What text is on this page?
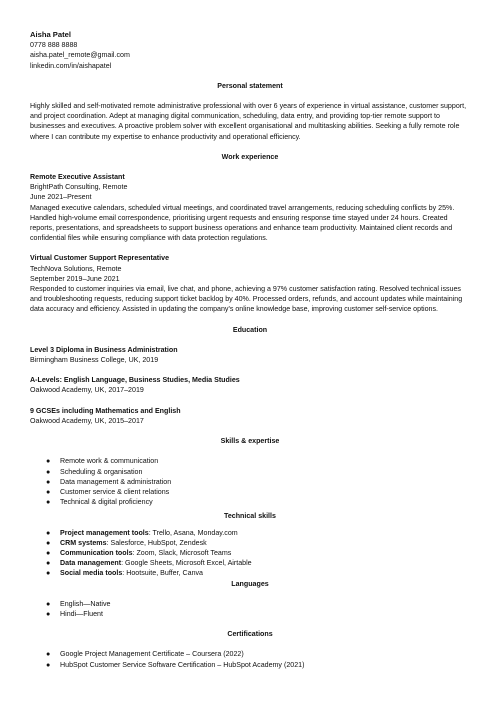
Aisha Patel

0778 888 8888

aisha.patel_remote@gmail.com

linkedin.com/in/aishapatel

Personal statement

Highly skilled and self-motivated remote administrative professional with over 6 years of experience in virtual assistance, customer support, and project coordination. Adept at managing digital communication, scheduling, data entry, and providing top-tier remote support to businesses and executives. A proactive problem solver with excellent organisational and multitasking abilities. Seeking a fully remote role where I can contribute my expertise to enhance productivity and operational efficiency.

Work experience

Remote Executive Assistant

BrightPath Consulting, Remote

June 2021–Present

Managed executive calendars, scheduled virtual meetings, and coordinated travel arrangements, reducing scheduling conflicts by 25%. Handled high-volume email correspondence, prioritising urgent requests and ensuring response time stayed under 24 hours. Created reports, presentations, and spreadsheets to support business operations and enhance team productivity. Maintained client records and confidential files while ensuring compliance with data protection regulations.

Virtual Customer Support Representative

TechNova Solutions, Remote

September 2019–June 2021

Responded to customer inquiries via email, live chat, and phone, achieving a 97% customer satisfaction rating. Resolved technical issues and troubleshooting requests, reducing support ticket backlog by 40%. Processed orders, refunds, and account updates while maintaining data accuracy and efficiency. Assisted in updating the company's online knowledge base, improving customer self-service options.

Education

Level 3 Diploma in Business Administration

Birmingham Business College, UK, 2019

A-Levels: English Language, Business Studies, Media Studies

Oakwood Academy, UK, 2017–2019

9 GCSEs including Mathematics and English

Oakwood Academy, UK, 2015–2017

Skills & expertise

● Remote work & communication
● Scheduling & organisation
● Data management & administration
● Customer service & client relations
● Technical & digital proficiency

Technical skills

● Project management tools: Trello, Asana, Monday.com
● CRM systems: Salesforce, HubSpot, Zendesk
● Communication tools: Zoom, Slack, Microsoft Teams
● Data management: Google Sheets, Microsoft Excel, Airtable
● Social media tools: Hootsuite, Buffer, Canva

Languages

● English—Native
● Hindi—Fluent

Certifications

● Google Project Management Certificate – Coursera (2022)
● HubSpot Customer Service Software Certification – HubSpot Academy (2021)
